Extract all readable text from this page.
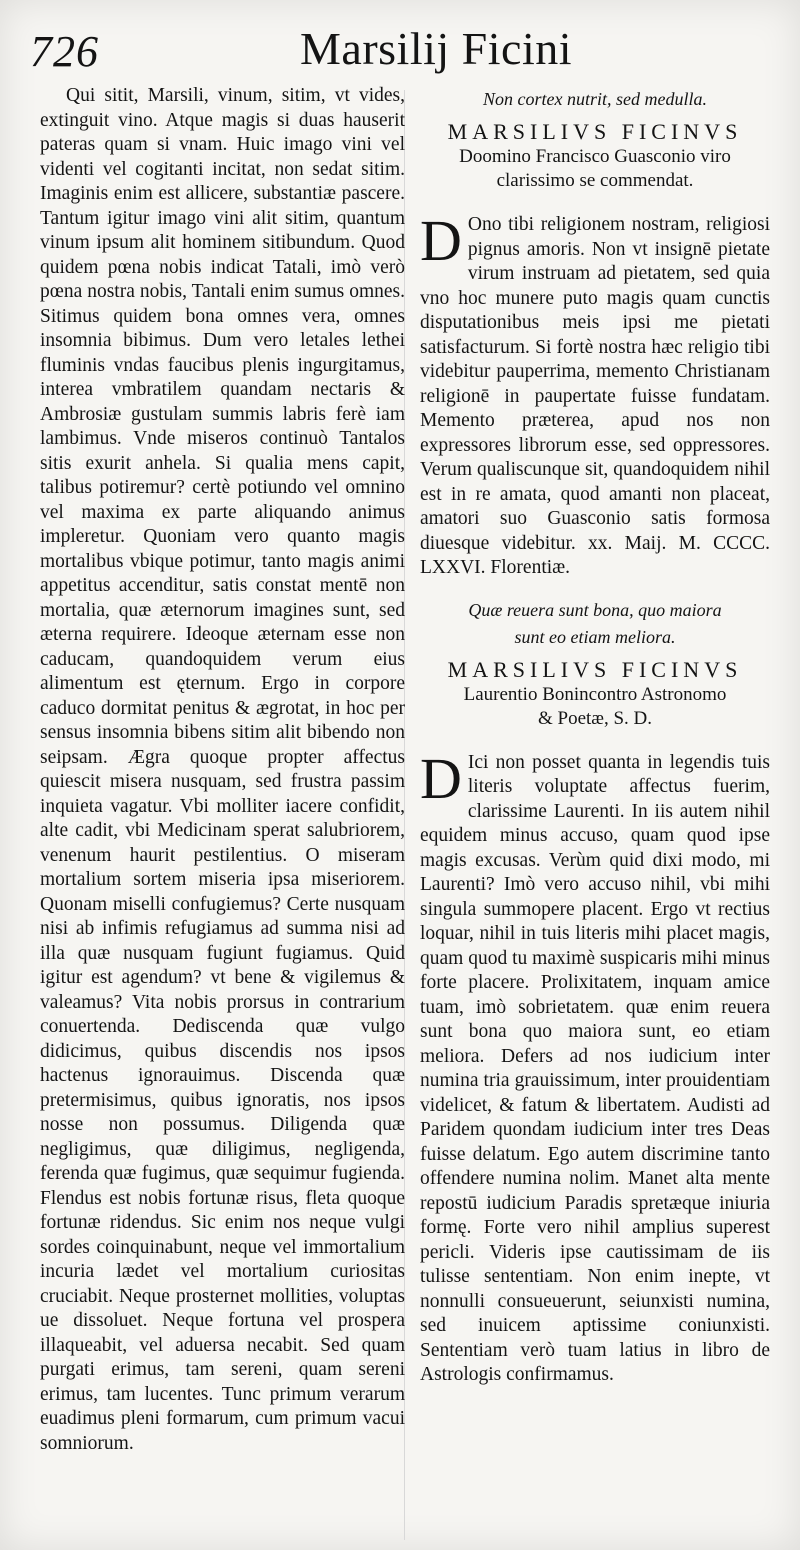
726	Marsilij Ficini

Qui sitit, Marsili, vinum, sitim, vt vides, extinguit vino. Atque magis si duas hauserit pateras quam si vnam. Huic imago vini vel videnti vel cogitanti incitat, non sedat sitim. Imaginis enim est allicere, substantiæ pascere. Tantum igitur imago vini alit sitim, quantum vinum ipsum alit hominem sitibundum. Quod quidem pœna nobis indicat Tatali, imò verò pœna nostra nobis, Tantali enim sumus omnes. Sitimus quidem bona omnes vera, omnes insomnia bibimus. Dum vero letales lethei fluminis vndas faucibus plenis ingurgitamus, interea vmbratilem quandam nectaris & Ambrosiæ gustulam summis labris ferè iam lambimus. Vnde miseros continuò Tantalos sitis exurit anhela. Si qualia mens capit, talibus potiremur? certè potiundo vel omnino vel maxima ex parte aliquando animus impleretur. Quoniam vero quanto magis mortalibus vbique potimur, tanto magis animi appetitus accenditur, satis constat mentē non mortalia, quæ æternorum imagines sunt, sed æterna requirere. Ideoque æternam esse non caducam, quandoquidem verum eius alimentum est ęternum. Ergo in corpore caduco dormitat penitus & ægrotat, in hoc per sensus insomnia bibens sitim alit bibendo non seipsam. Ægra quoque propter affectus quiescit misera nusquam, sed frustra passim inquieta vagatur. Vbi molliter iacere confidit, alte cadit, vbi Medicinam sperat salubriorem, venenum haurit pestilentius. O miseram mortalium sortem miseria ipsa miseriorem. Quonam miselli confugiemus? Certe nusquam nisi ab infimis refugiamus ad summa nisi ad illa quæ nusquam fugiunt fugiamus. Quid igitur est agendum? vt bene & vigilemus & valeamus? Vita nobis prorsus in contrarium conuertenda. Dediscenda quæ vulgo didicimus, quibus discendis nos ipsos hactenus ignorauimus. Discenda quæ pretermisimus, quibus ignoratis, nos ipsos nosse non possumus. Diligenda quæ negligimus, quæ diligimus, negligenda, ferenda quæ fugimus, quæ sequimur fugienda. Flendus est nobis fortunæ risus, fleta quoque fortunæ ridendus. Sic enim nos neque vulgi sordes coinquinabunt, neque vel immortalium incuria lædet vel mortalium curiositas cruciabit. Neque prosternet mollities, voluptas ue dissoluet. Neque fortuna vel prospera illaqueabit, vel aduersa necabit. Sed quam purgati erimus, tam sereni, quam sereni erimus, tam lucentes. Tunc primum verarum euadimus pleni formarum, cum primum vacui somniorum.

Non cortex nutrit, sed medulla.
MARSILIVS FICINVS
Doomino Francisco Guasconio viro
clarissimo se commendat.
D Ono tibi religionem nostram, religiosi pignus amoris. Non vt insignē pietate virum instruam ad pietatem, sed quia vno hoc munere puto magis quam cunctis disputationibus meis ipsi me pietati satisfacturum. Si fortè nostra hæc religio tibi videbitur pauperrima, memento Christianam religionē in paupertate fuisse fundatam. Memento præterea, apud nos non expressores librorum esse, sed oppressores. Verum qualiscunque sit, quandoquidem nihil est in re amata, quod amanti non placeat, amatori suo Guasconio satis formosa diuesque videbitur. xx. Maij. M. CCCC. LXXVI. Florentiæ.
Quæ reuera sunt bona, quo maiora
sunt eo etiam meliora.
MARSILIVS FICINVS
Laurentio Bonincontro Astronomo
& Poetæ, S. D.
D Ici non posset quanta in legendis tuis literis voluptate affectus fuerim, clarissime Laurenti. In iis autem nihil equidem minus accuso, quam quod ipse magis excusas. Verùm quid dixi modo, mi Laurenti? Imò vero accuso nihil, vbi mihi singula summopere placent. Ergo vt rectius loquar, nihil in tuis literis mihi placet magis, quam quod tu maximè suspicaris mihi minus forte placere. Prolixitatem, inquam amice tuam, imò sobrietatem. quæ enim reuera sunt bona quo maiora sunt, eo etiam meliora. Defers ad nos iudicium inter numina tria grauissimum, inter prouidentiam videlicet, & fatum & libertatem. Audisti ad Paridem quondam iudicium inter tres Deas fuisse delatum. Ego autem discrimine tanto offendere numina nolim. Manet alta mente repostū iudicium Paradis spretæque iniuria formę. Forte vero nihil amplius superest pericli. Videris ipse cautissimam de iis tulisse sententiam. Non enim inepte, vt nonnulli consueuerunt, seiunxisti numina, sed inuicem aptissime coniunxisti. Sententiam verò tuam latius in libro de Astrologis confirmamus.
